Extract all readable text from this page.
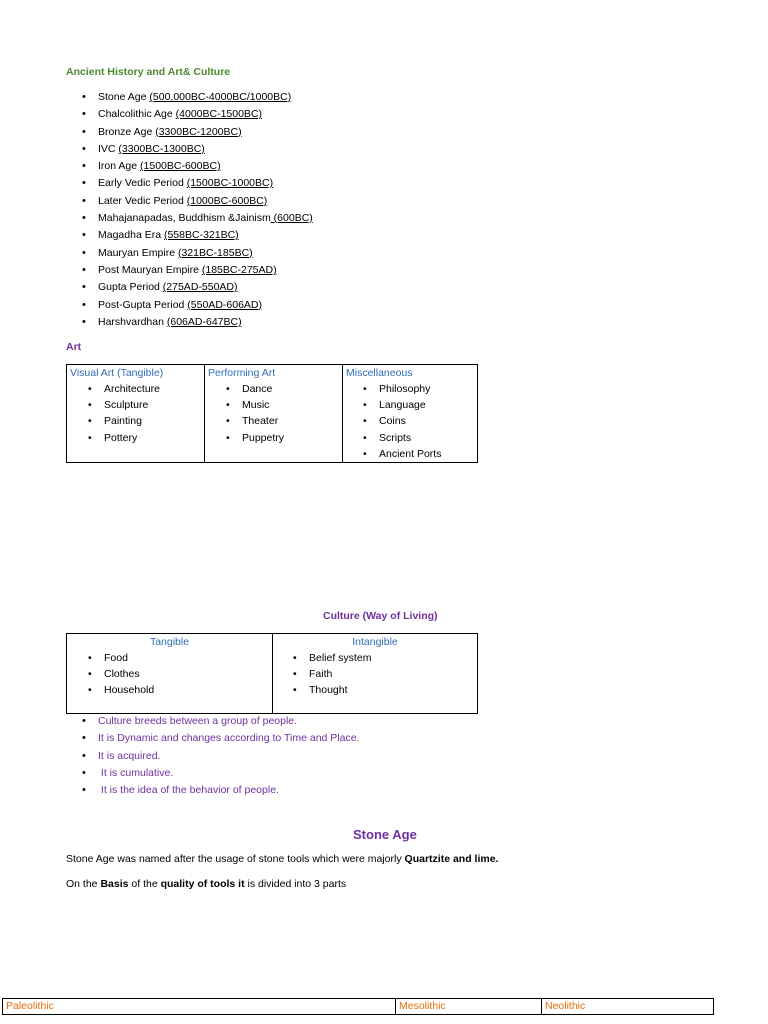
Ancient History and Art& Culture
• Stone Age (500,000BC-4000BC/1000BC)
• Chalcolithic Age (4000BC-1500BC)
• Bronze Age (3300BC-1200BC)
• IVC (3300BC-1300BC)
• Iron Age (1500BC-600BC)
• Early Vedic Period (1500BC-1000BC)
• Later Vedic Period (1000BC-600BC)
• Mahajanapadas, Buddhism &Jainism (600BC)
• Magadha Era (558BC-321BC)
• Mauryan Empire (321BC-185BC)
• Post Mauryan Empire (185BC-275AD)
• Gupta Period (275AD-550AD)
• Post-Gupta Period (550AD-606AD)
• Harshvardhan (606AD-647BC)
Art
Visual Art (Tangible)
• Architecture
• Sculpture
• Painting
• Pottery

Performing Art
• Dance
• Music
• Theater
• Puppetry

Miscellaneous
• Philosophy
• Language
• Coins
• Scripts
• Ancient Ports
Culture (Way of Living)
Tangible
• Food
• Clothes
• Household

Intangible
• Belief system
• Faith
• Thought
• Culture breeds between a group of people.
• It is Dynamic and changes according to Time and Place.
• It is acquired.
•  It is cumulative.
•  It is the idea of the behavior of people.
Stone Age
Stone Age was named after the usage of stone tools which were majorly Quartzite and lime.
On the Basis of the quality of tools it is divided into 3 parts
Paleolithic	Mesolithic	Neolithic
